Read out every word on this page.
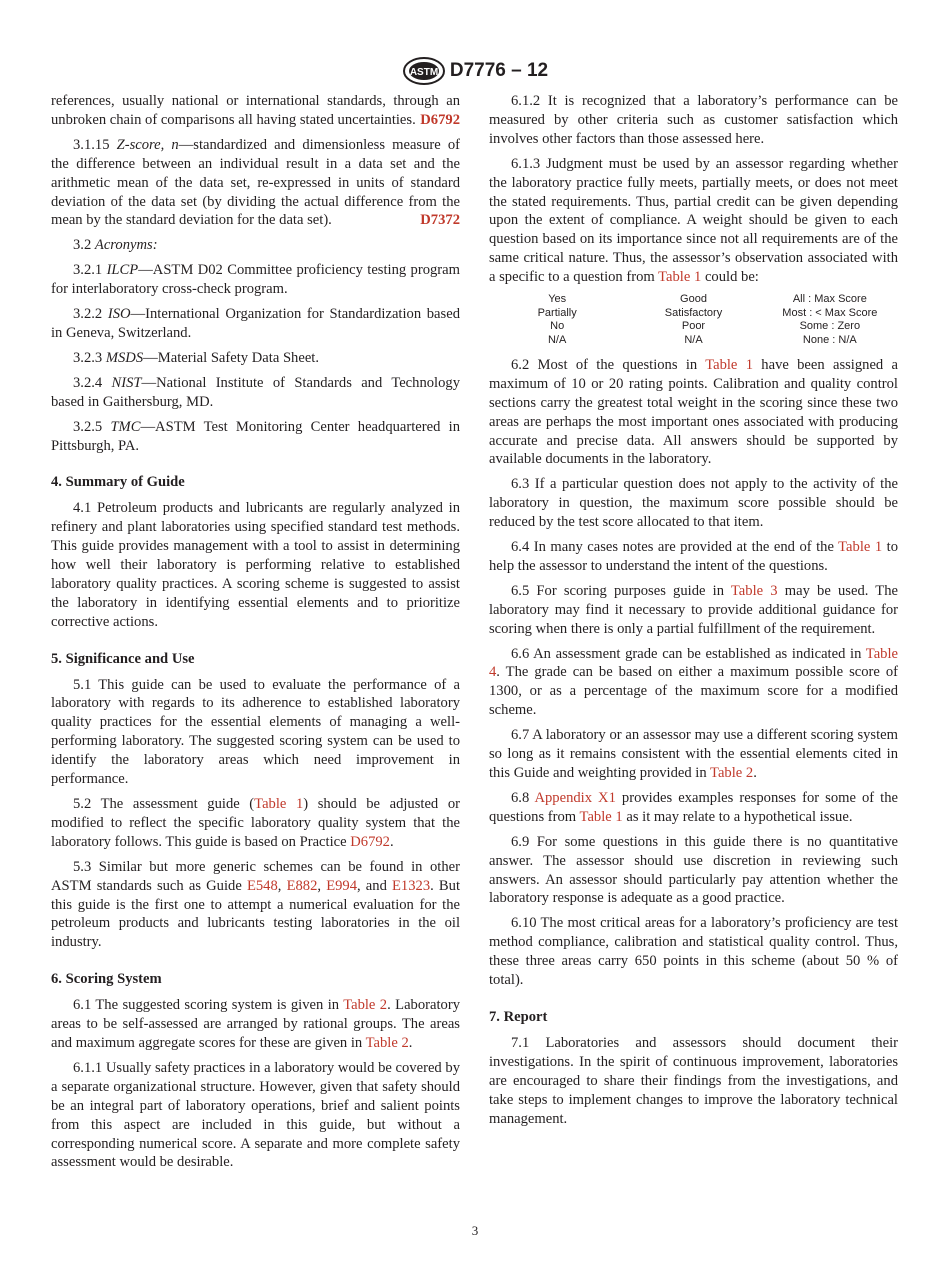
ASTM D7776 – 12

references, usually national or international standards, through an unbroken chain of comparisons all having stated uncertainties. D6792

3.1.15 Z-score, n—standardized and dimensionless measure of the difference between an individual result in a data set and the arithmetic mean of the data set, re-expressed in units of standard deviation of the data set (by dividing the actual difference from the mean by the standard deviation for the data set).	D7372

3.2 Acronyms:

3.2.1 ILCP—ASTM D02 Committee proficiency testing program for interlaboratory cross-check program.

3.2.2 ISO—International Organization for Standardization based in Geneva, Switzerland.

3.2.3 MSDS—Material Safety Data Sheet.

3.2.4 NIST—National Institute of Standards and Technology based in Gaithersburg, MD.

3.2.5 TMC—ASTM Test Monitoring Center headquartered in Pittsburgh, PA.

4. Summary of Guide

4.1 Petroleum products and lubricants are regularly analyzed in refinery and plant laboratories using specified standard test methods. This guide provides management with a tool to assist in determining how well their laboratory is performing relative to established laboratory quality practices. A scoring scheme is suggested to assist the laboratory in identifying essential elements and to prioritize corrective actions.

5. Significance and Use

5.1 This guide can be used to evaluate the performance of a laboratory with regards to its adherence to established laboratory quality practices for the essential elements of managing a well-performing laboratory. The suggested scoring system can be used to identify the laboratory areas which need improvement in performance.

5.2 The assessment guide (Table 1) should be adjusted or modified to reflect the specific laboratory quality system that the laboratory follows. This guide is based on Practice D6792.

5.3 Similar but more generic schemes can be found in other ASTM standards such as Guide E548, E882, E994, and E1323. But this guide is the first one to attempt a numerical evaluation for the petroleum products and lubricants testing laboratories in the oil industry.

6. Scoring System

6.1 The suggested scoring system is given in Table 2. Laboratory areas to be self-assessed are arranged by rational groups. The areas and maximum aggregate scores for these are given in Table 2.

6.1.1 Usually safety practices in a laboratory would be covered by a separate organizational structure. However, given that safety should be an integral part of laboratory operations, brief and salient points from this aspect are included in this guide, but without a corresponding numerical score. A separate and more complete safety assessment would be desirable.

6.1.2 It is recognized that a laboratory’s performance can be measured by other criteria such as customer satisfaction which involves other factors than those assessed here.

6.1.3 Judgment must be used by an assessor regarding whether the laboratory practice fully meets, partially meets, or does not meet the stated requirements. Thus, partial credit can be given depending upon the extent of compliance. A weight should be given to each question based on its importance since not all requirements are of the same critical nature. Thus, the assessor’s observation associated with a specific to a question from Table 1 could be:

Yes	Good	All : Max Score
Partially	Satisfactory	Most : < Max Score
No	Poor	Some : Zero
N/A	N/A	None : N/A

6.2 Most of the questions in Table 1 have been assigned a maximum of 10 or 20 rating points. Calibration and quality control sections carry the greatest total weight in the scoring since these two areas are perhaps the most important ones associated with producing accurate and precise data. All answers should be supported by available documents in the laboratory.

6.3 If a particular question does not apply to the activity of the laboratory in question, the maximum score possible should be reduced by the test score allocated to that item.

6.4 In many cases notes are provided at the end of the Table 1 to help the assessor to understand the intent of the questions.

6.5 For scoring purposes guide in Table 3 may be used. The laboratory may find it necessary to provide additional guidance for scoring when there is only a partial fulfillment of the requirement.

6.6 An assessment grade can be established as indicated in Table 4. The grade can be based on either a maximum possible score of 1300, or as a percentage of the maximum score for a modified scheme.

6.7 A laboratory or an assessor may use a different scoring system so long as it remains consistent with the essential elements cited in this Guide and weighting provided in Table 2.

6.8 Appendix X1 provides examples responses for some of the questions from Table 1 as it may relate to a hypothetical issue.

6.9 For some questions in this guide there is no quantitative answer. The assessor should use discretion in reviewing such answers. An assessor should particularly pay attention whether the laboratory response is adequate as a good practice.

6.10 The most critical areas for a laboratory’s proficiency are test method compliance, calibration and statistical quality control. Thus, these three areas carry 650 points in this scheme (about 50 % of total).

7. Report

7.1 Laboratories and assessors should document their investigations. In the spirit of continuous improvement, laboratories are encouraged to share their findings from the investigations, and take steps to implement changes to improve the laboratory technical management.

3
